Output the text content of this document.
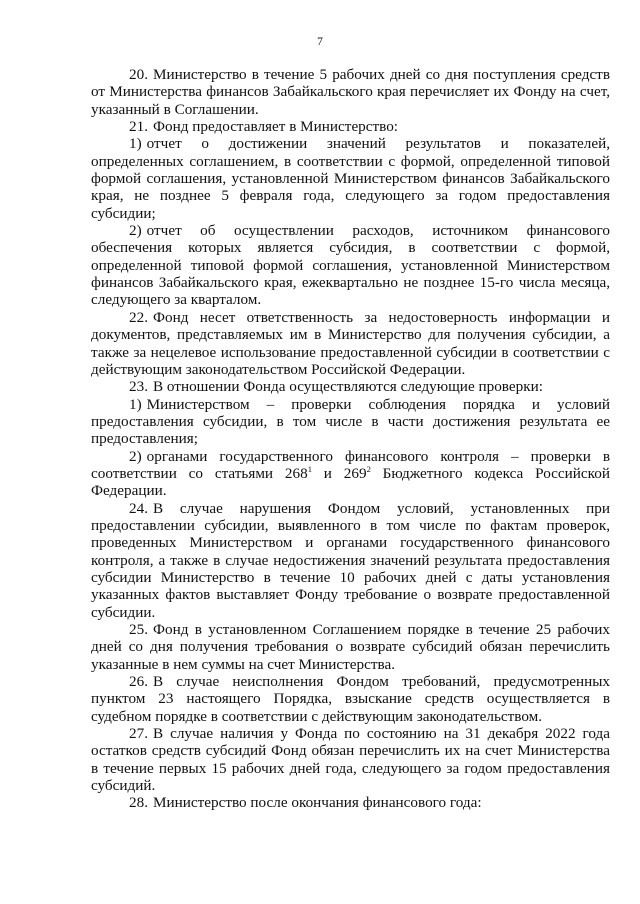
7

20. Министерство в течение 5 рабочих дней со дня поступления средств от Министерства финансов Забайкальского края перечисляет их Фонду на счет, указанный в Соглашении.

21. Фонд предоставляет в Министерство:

1) отчет о достижении значений результатов и показателей, определенных соглашением, в соответствии с формой, определенной типовой формой соглашения, установленной Министерством финансов Забайкальского края, не позднее 5 февраля года, следующего за годом предоставления субсидии;

2) отчет об осуществлении расходов, источником финансового обеспечения которых является субсидия, в соответствии с формой, определенной типовой формой соглашения, установленной Министерством финансов Забайкальского края, ежеквартально не позднее 15-го числа месяца, следующего за кварталом.

22. Фонд несет ответственность за недостоверность информации и документов, представляемых им в Министерство для получения субсидии, а также за нецелевое использование предоставленной субсидии в соответствии с действующим законодательством Российской Федерации.

23. В отношении Фонда осуществляются следующие проверки:

1) Министерством – проверки соблюдения порядка и условий предоставления субсидии, в том числе в части достижения результата ее предоставления;

2) органами государственного финансового контроля – проверки в соответствии со статьями $268^1$ и $269^2$ Бюджетного кодекса Российской Федерации.

24. В случае нарушения Фондом условий, установленных при предоставлении субсидии, выявленного в том числе по фактам проверок, проведенных Министерством и органами государственного финансового контроля, а также в случае недостижения значений результата предоставления субсидии Министерство в течение 10 рабочих дней с даты установления указанных фактов выставляет Фонду требование о возврате предоставленной субсидии.

25. Фонд в установленном Соглашением порядке в течение 25 рабочих дней со дня получения требования о возврате субсидий обязан перечислить указанные в нем суммы на счет Министерства.

26. В случае неисполнения Фондом требований, предусмотренных пунктом 23 настоящего Порядка, взыскание средств осуществляется в судебном порядке в соответствии с действующим законодательством.

27. В случае наличия у Фонда по состоянию на 31 декабря 2022 года остатков средств субсидий Фонд обязан перечислить их на счет Министерства в течение первых 15 рабочих дней года, следующего за годом предоставления субсидий.

28. Министерство после окончания финансового года:
